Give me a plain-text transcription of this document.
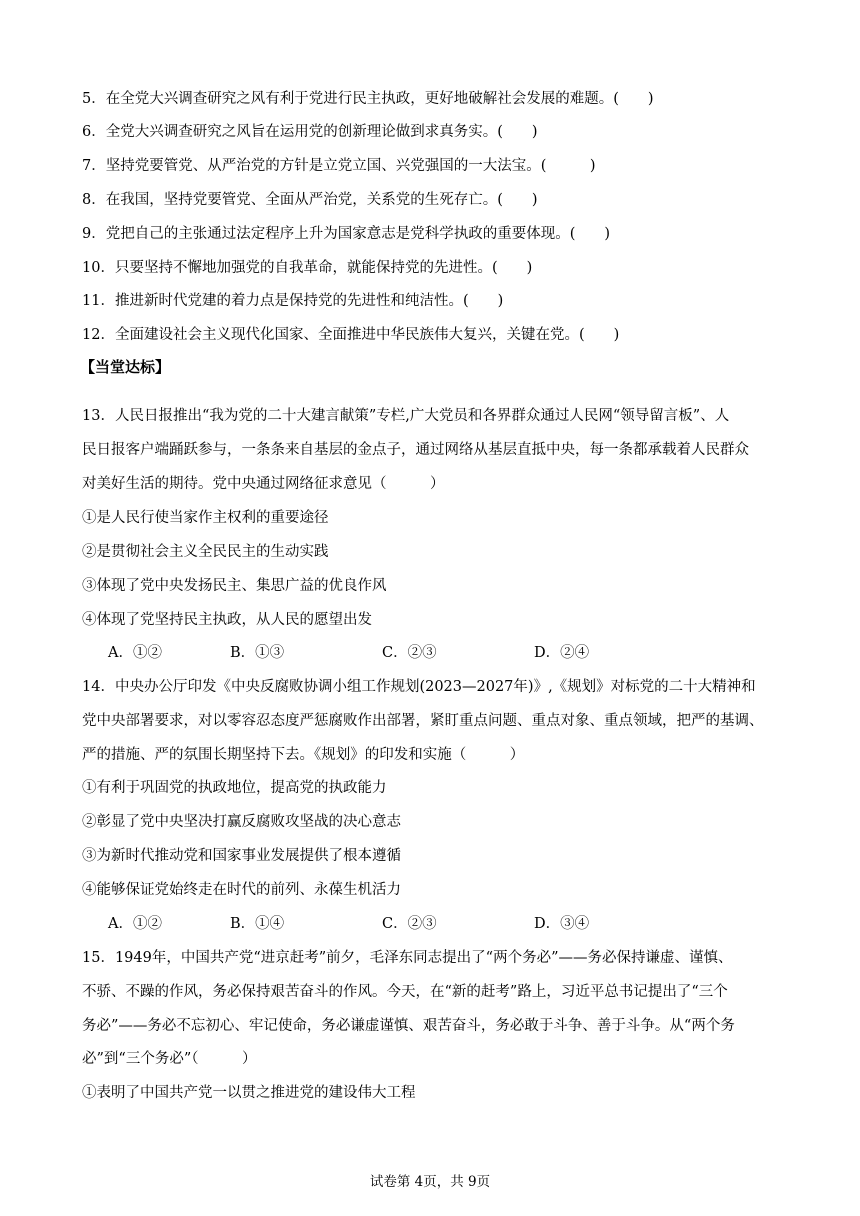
5．在全党大兴调查研究之风有利于党进行民主执政，更好地破解社会发展的难题。(　　)
6．全党大兴调查研究之风旨在运用党的创新理论做到求真务实。(　　)
7．坚持党要管党、从严治党的方针是立党立国、兴党强国的一大法宝。(　　　)
8．在我国，坚持党要管党、全面从严治党，关系党的生死存亡。(　　)
9．党把自己的主张通过法定程序上升为国家意志是党科学执政的重要体现。(　　)
10．只要坚持不懈地加强党的自我革命，就能保持党的先进性。(　　)
11．推进新时代党建的着力点是保持党的先进性和纯洁性。(　　)
12．全面建设社会主义现代化国家、全面推进中华民族伟大复兴，关键在党。(　　)
【当堂达标】
13．人民日报推出“我为党的二十大建言献策”专栏,广大党员和各界群众通过人民网“领导留言板”、人
民日报客户端踊跃参与，一条条来自基层的金点子，通过网络从基层直抵中央，每一条都承载着人民群众
对美好生活的期待。党中央通过网络征求意见（　　　）
①是人民行使当家作主权利的重要途径
②是贯彻社会主义全民民主的生动实践
③体现了党中央发扬民主、集思广益的优良作风
④体现了党坚持民主执政，从人民的愿望出发
A．①②	B．①③	C．②③	D．②④
14．中央办公厅印发《中央反腐败协调小组工作规划(2023—2027年)》,《规划》对标党的二十大精神和
党中央部署要求，对以零容忍态度严惩腐败作出部署，紧盯重点问题、重点对象、重点领域，把严的基调、
严的措施、严的氛围长期坚持下去。《规划》的印发和实施（　　　）
①有利于巩固党的执政地位，提高党的执政能力
②彰显了党中央坚决打赢反腐败攻坚战的决心意志
③为新时代推动党和国家事业发展提供了根本遵循
④能够保证党始终走在时代的前列、永葆生机活力
A．①②	B．①④	C．②③	D．③④
15．1949年，中国共产党“进京赶考”前夕，毛泽东同志提出了“两个务必”——务必保持谦虚、谨慎、
不骄、不躁的作风，务必保持艰苦奋斗的作风。今天，在“新的赶考”路上，习近平总书记提出了“三个
务必”——务必不忘初心、牢记使命，务必谦虚谨慎、艰苦奋斗，务必敢于斗争、善于斗争。从“两个务
必”到“三个务必”（　　　）
①表明了中国共产党一以贯之推进党的建设伟大工程
试卷第 4页，共 9页
